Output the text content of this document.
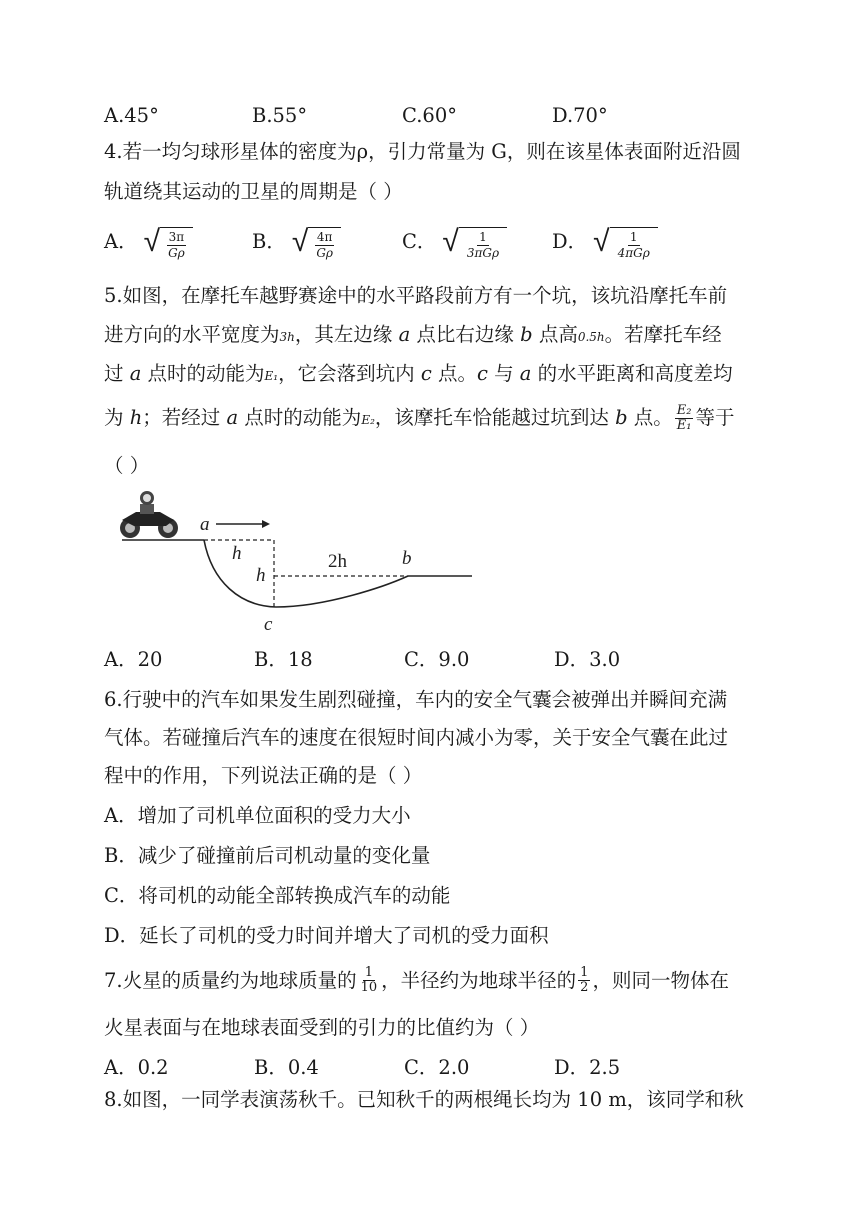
A.45°	B.55°	C.60°	D.70°
4.若一均匀球形星体的密度为ρ，引力常量为 G，则在该星体表面附近沿圆
轨道绕其运动的卫星的周期是（ ）
A． √ $\frac{3\pi}{G\rho}$	B． √ $\frac{4\pi}{G\rho}$	C． √ $\frac{1}{\text{3πGρ}}$	D． √ $\frac{1}{\text{4πGρ}}$
5.如图，在摩托车越野赛途中的水平路段前方有一个坑，该坑沿摩托车前
进方向的水平宽度为3h，其左边缘 a 点比右边缘 b 点高0.5h。若摩托车经
过 a 点时的动能为E₁，它会落到坑内 c 点。c 与 a 的水平距离和高度差均
为 h；若经过 a 点时的动能为E₂，该摩托车恰能越过坑到达 b 点。 $\frac{\text{E₂}}{\text{E₁}}$ 等于
（ ）
a
h
h
2h	b
c
A．20	B．18	C．9.0	D．3.0
6.行驶中的汽车如果发生剧烈碰撞，车内的安全气囊会被弹出并瞬间充满
气体。若碰撞后汽车的速度在很短时间内减小为零，关于安全气囊在此过
程中的作用，下列说法正确的是（ ）
A．增加了司机单位面积的受力大小
B．减少了碰撞前后司机动量的变化量
C．将司机的动能全部转换成汽车的动能
D．延长了司机的受力时间并增大了司机的受力面积
7.火星的质量约为地球质量的 $\frac{1}{10}$ ，半径约为地球半径的 $\frac{1}{2}$ ，则同一物体在
火星表面与在地球表面受到的引力的比值约为（ ）
A．0.2	B．0.4	C．2.0	D．2.5
8.如图，一同学表演荡秋千。已知秋千的两根绳长均为 10 m，该同学和秋
